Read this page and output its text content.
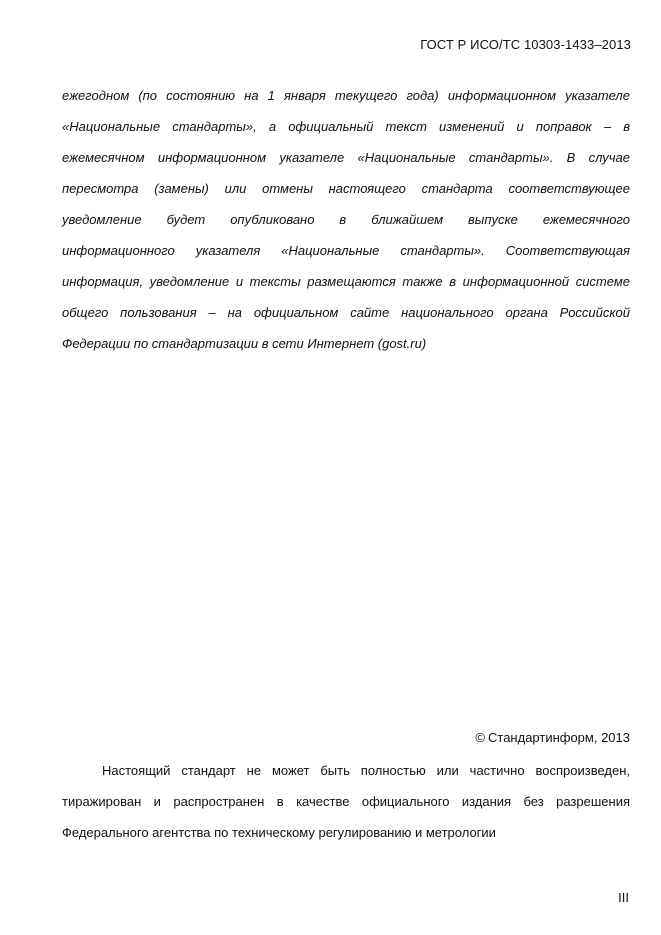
ГОСТ Р ИСО/ТС 10303-1433–2013
ежегодном (по состоянию на 1 января текущего года) информационном указателе
«Национальные стандарты», а официальный текст изменений и поправок – в
ежемесячном информационном указателе «Национальные стандарты». В случае
пересмотра (замены) или отмены настоящего стандарта соответствующее
уведомление будет опубликовано в ближайшем выпуске ежемесячного
информационного указателя «Национальные стандарты». Соответствующая
информация, уведомление и тексты размещаются также в информационной системе
общего пользования – на официальном сайте национального органа Российской
Федерации по стандартизации в сети Интернет (gost.ru)
© Стандартинформ, 2013
Настоящий стандарт не может быть полностью или частично воспроизведен,
тиражирован и распространен в качестве официального издания без разрешения
Федерального агентства по техническому регулированию и метрологии
III
